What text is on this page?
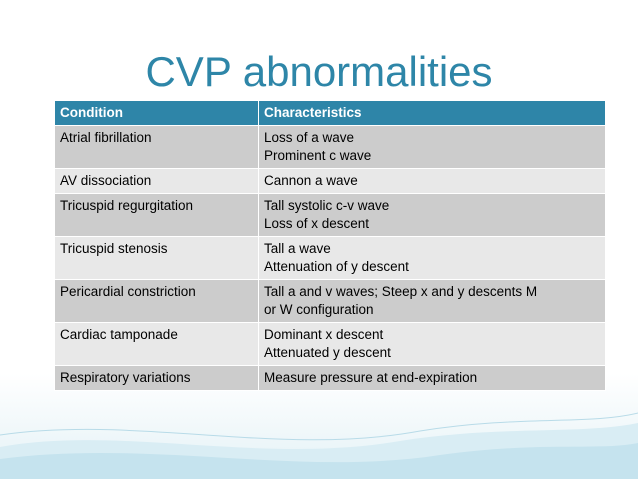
CVP abnormalities
Condition	Characteristics
Atrial fibrillation	Loss of a wave
Prominent c wave
AV dissociation	Cannon a wave
Tricuspid regurgitation	Tall systolic c-v wave
Loss of x descent
Tricuspid stenosis	Tall a wave
Attenuation of y descent
Pericardial constriction	Tall a and v waves; Steep x and y descents M
or W configuration
Cardiac tamponade	Dominant x descent
Attenuated y descent
Respiratory variations	Measure pressure at end-expiration
